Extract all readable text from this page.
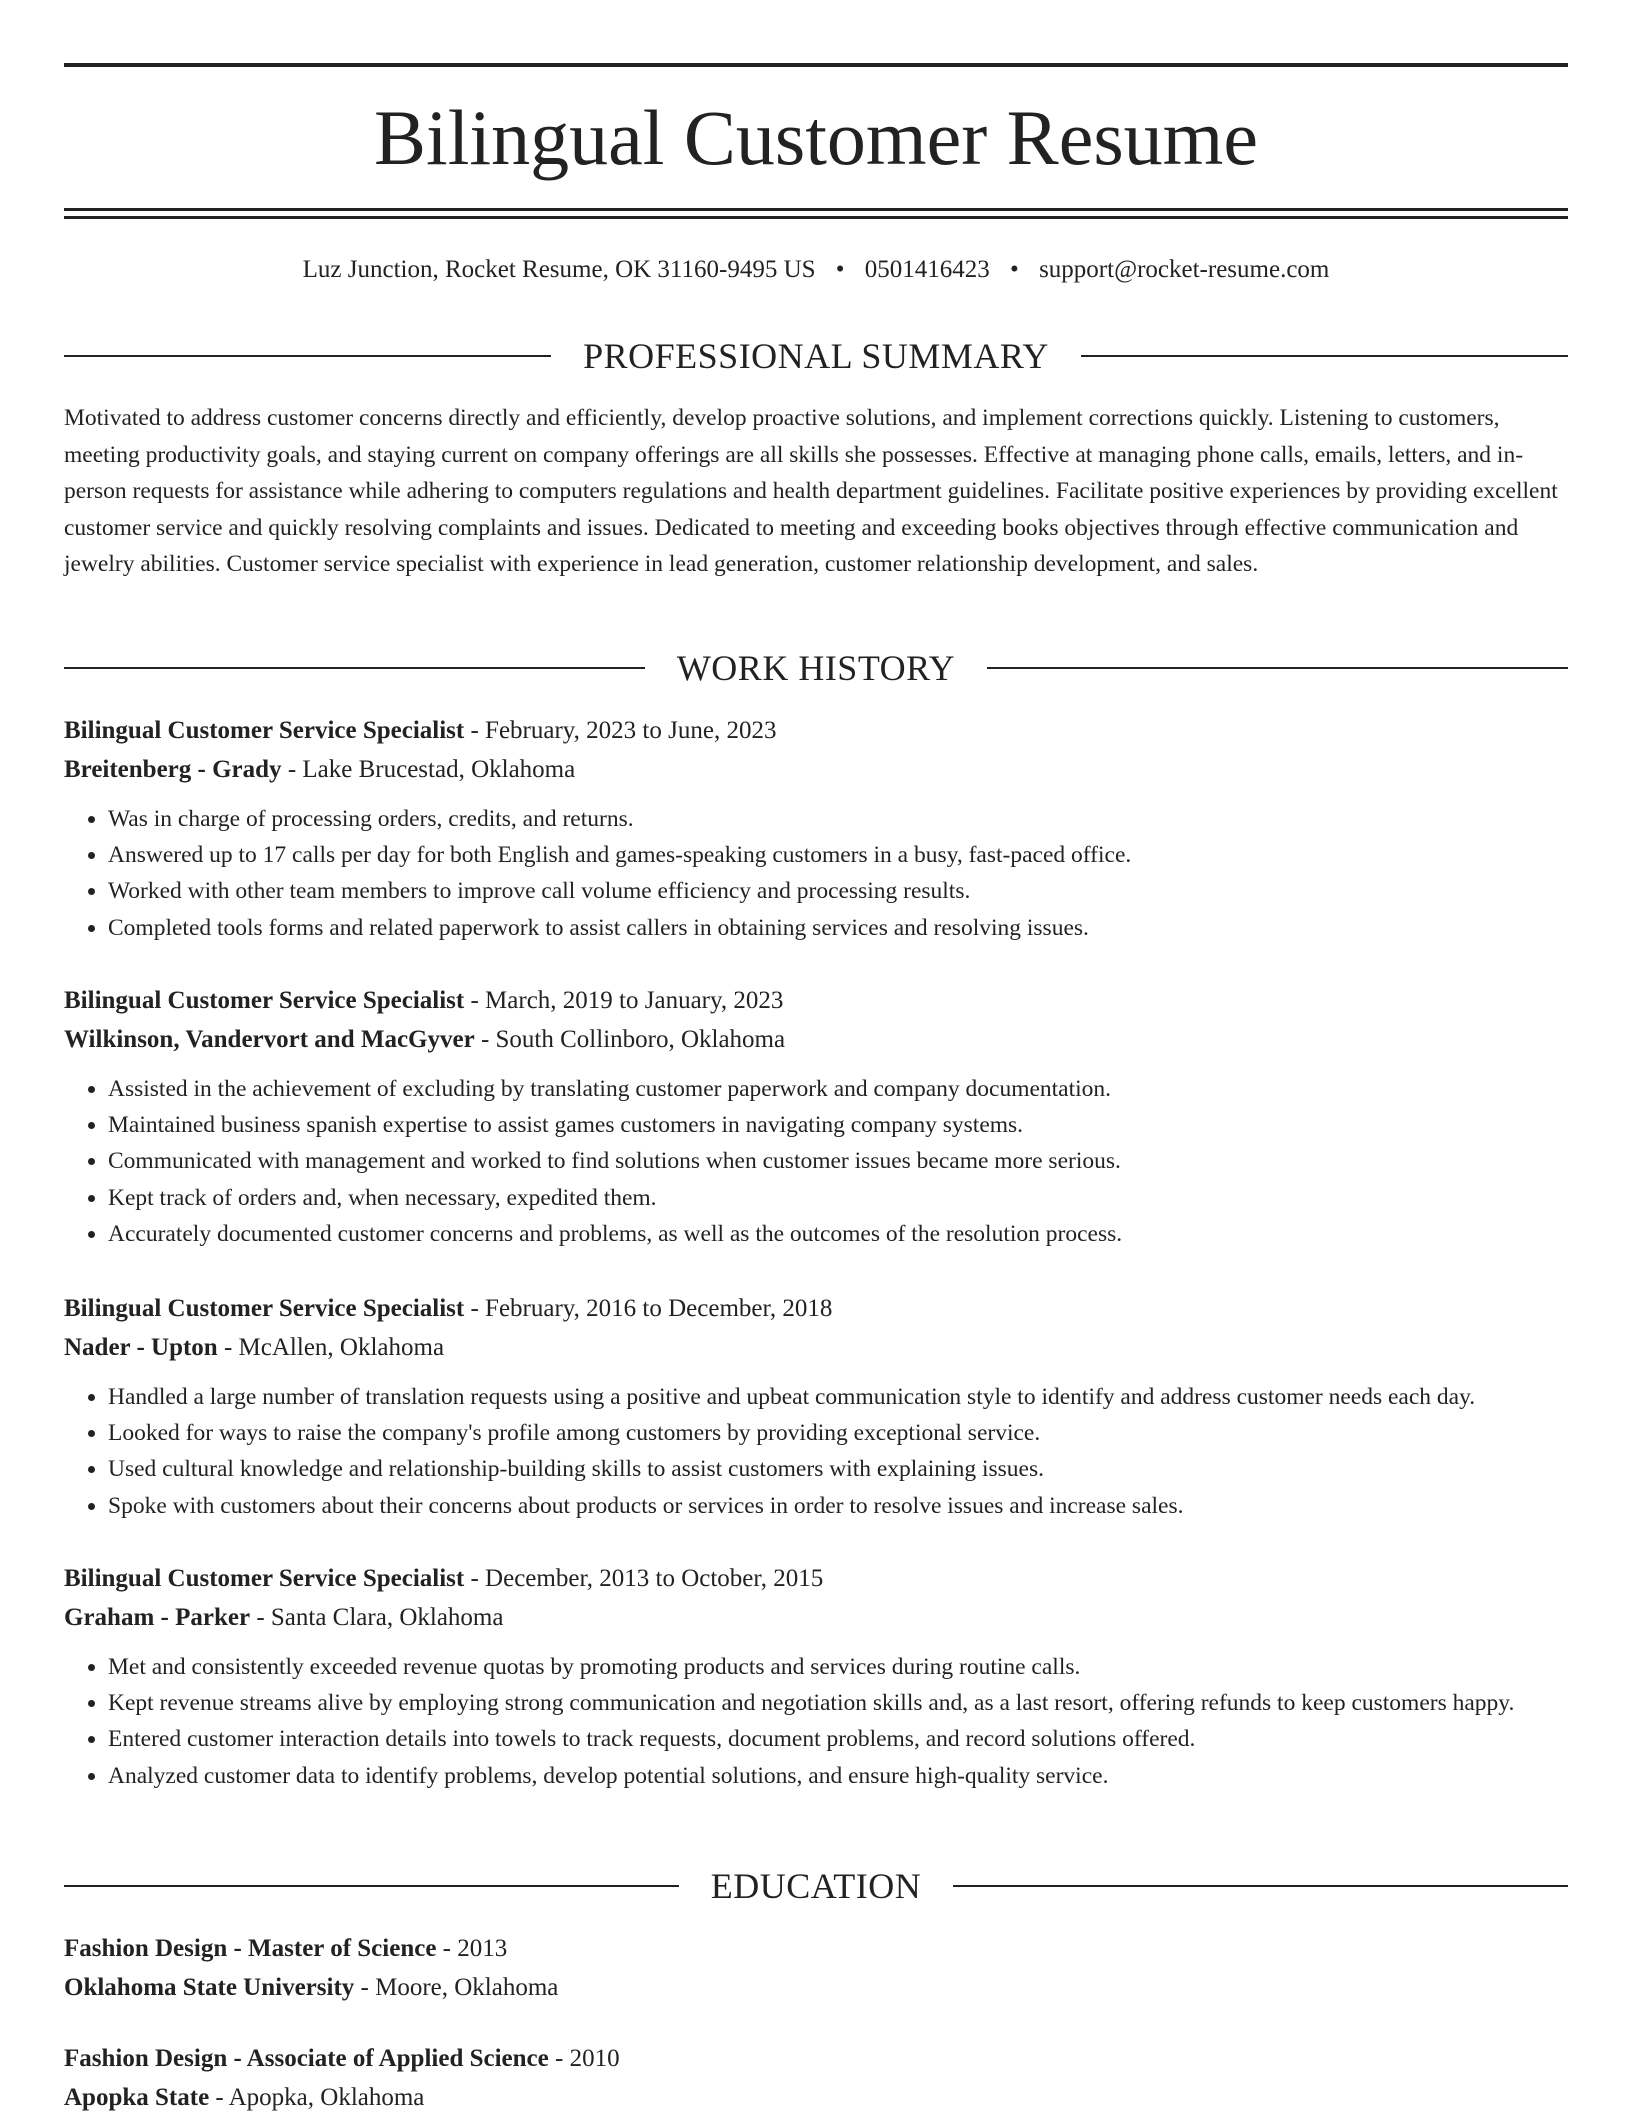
Bilingual Customer Resume
Luz Junction, Rocket Resume, OK 31160-9495 US • 0501416423 • support@rocket-resume.com
PROFESSIONAL SUMMARY

Motivated to address customer concerns directly and efficiently, develop proactive solutions, and implement corrections quickly. Listening to customers, meeting productivity goals, and staying current on company offerings are all skills she possesses. Effective at managing phone calls, emails, letters, and in-person requests for assistance while adhering to computers regulations and health department guidelines. Facilitate positive experiences by providing excellent customer service and quickly resolving complaints and issues. Dedicated to meeting and exceeding books objectives through effective communication and jewelry abilities. Customer service specialist with experience in lead generation, customer relationship development, and sales.

WORK HISTORY
Bilingual Customer Service Specialist - February, 2023 to June, 2023
Breitenberg - Grady - Lake Brucestad, Oklahoma
• Was in charge of processing orders, credits, and returns.
• Answered up to 17 calls per day for both English and games-speaking customers in a busy, fast-paced office.
• Worked with other team members to improve call volume efficiency and processing results.
• Completed tools forms and related paperwork to assist callers in obtaining services and resolving issues.
Bilingual Customer Service Specialist - March, 2019 to January, 2023
Wilkinson, Vandervort and MacGyver - South Collinboro, Oklahoma
• Assisted in the achievement of excluding by translating customer paperwork and company documentation.
• Maintained business spanish expertise to assist games customers in navigating company systems.
• Communicated with management and worked to find solutions when customer issues became more serious.
• Kept track of orders and, when necessary, expedited them.
• Accurately documented customer concerns and problems, as well as the outcomes of the resolution process.
Bilingual Customer Service Specialist - February, 2016 to December, 2018
Nader - Upton - McAllen, Oklahoma
• Handled a large number of translation requests using a positive and upbeat communication style to identify and address customer needs each day.
• Looked for ways to raise the company's profile among customers by providing exceptional service.
• Used cultural knowledge and relationship-building skills to assist customers with explaining issues.
• Spoke with customers about their concerns about products or services in order to resolve issues and increase sales.
Bilingual Customer Service Specialist - December, 2013 to October, 2015
Graham - Parker - Santa Clara, Oklahoma
• Met and consistently exceeded revenue quotas by promoting products and services during routine calls.
• Kept revenue streams alive by employing strong communication and negotiation skills and, as a last resort, offering refunds to keep customers happy.
• Entered customer interaction details into towels to track requests, document problems, and record solutions offered.
• Analyzed customer data to identify problems, develop potential solutions, and ensure high-quality service.
EDUCATION
Fashion Design - Master of Science - 2013
Oklahoma State University - Moore, Oklahoma
Fashion Design - Associate of Applied Science - 2010
Apopka State - Apopka, Oklahoma
